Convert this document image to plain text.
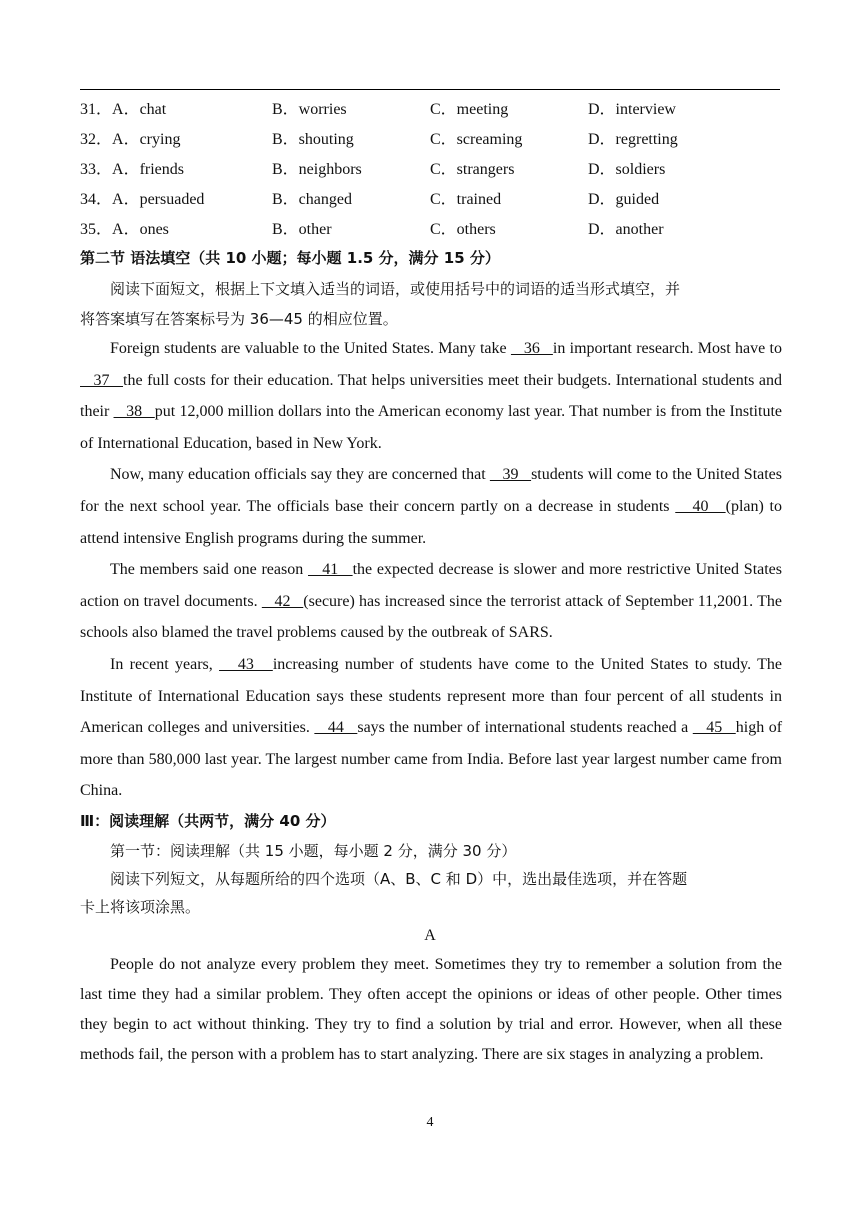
31．A．chat	B．worries	C．meeting	D．interview
32．A．crying	B．shouting	C．screaming	D．regretting
33．A．friends	B．neighbors	C．strangers	D．soldiers
34．A．persuaded	B．changed	C．trained	D．guided
35．A．ones	B．other	C．others	D．another
第二节 语法填空（共 10 小题；每小题 1.5 分，满分 15 分）
阅读下面短文，根据上下文填入适当的词语，或使用括号中的词语的适当形式填空，并
将答案填写在答案标号为 36—45 的相应位置。

Foreign students are valuable to the United States. Many take    36   in important research. Most have to    37   the full costs for their education. That helps universities meet their budgets. International students and their    38   put 12,000 million dollars into the American economy last year. That number is from the Institute of International Education, based in New York.

Now, many education officials say they are concerned that    39   students will come to the United States for the next school year. The officials base their concern partly on a decrease in students    40   (plan) to attend intensive English programs during the summer.

The members said one reason    41   the expected decrease is slower and more restrictive United States action on travel documents.    42   (secure) has increased since the terrorist attack of September 11,2001. The schools also blamed the travel problems caused by the outbreak of SARS.

In recent years,    43   increasing number of students have come to the United States to study. The Institute of International Education says these students represent more than four percent of all students in American colleges and universities.    44   says the number of international students reached a    45   high of more than 580,000 last year. The largest number came from India. Before last year largest number came from China.

Ⅲ：阅读理解（共两节，满分 40 分）
第一节：阅读理解（共 15 小题，每小题 2 分，满分 30 分）
阅读下列短文，从每题所给的四个选项（A、B、C 和 D）中，选出最佳选项，并在答题
卡上将该项涂黑。
A

People do not analyze every problem they meet. Sometimes they try to remember a solution from the last time they had a similar problem. They often accept the opinions or ideas of other people. Other times they begin to act without thinking. They try to find a solution by trial and error. However, when all these methods fail, the person with a problem has to start analyzing. There are six stages in analyzing a problem.

4
